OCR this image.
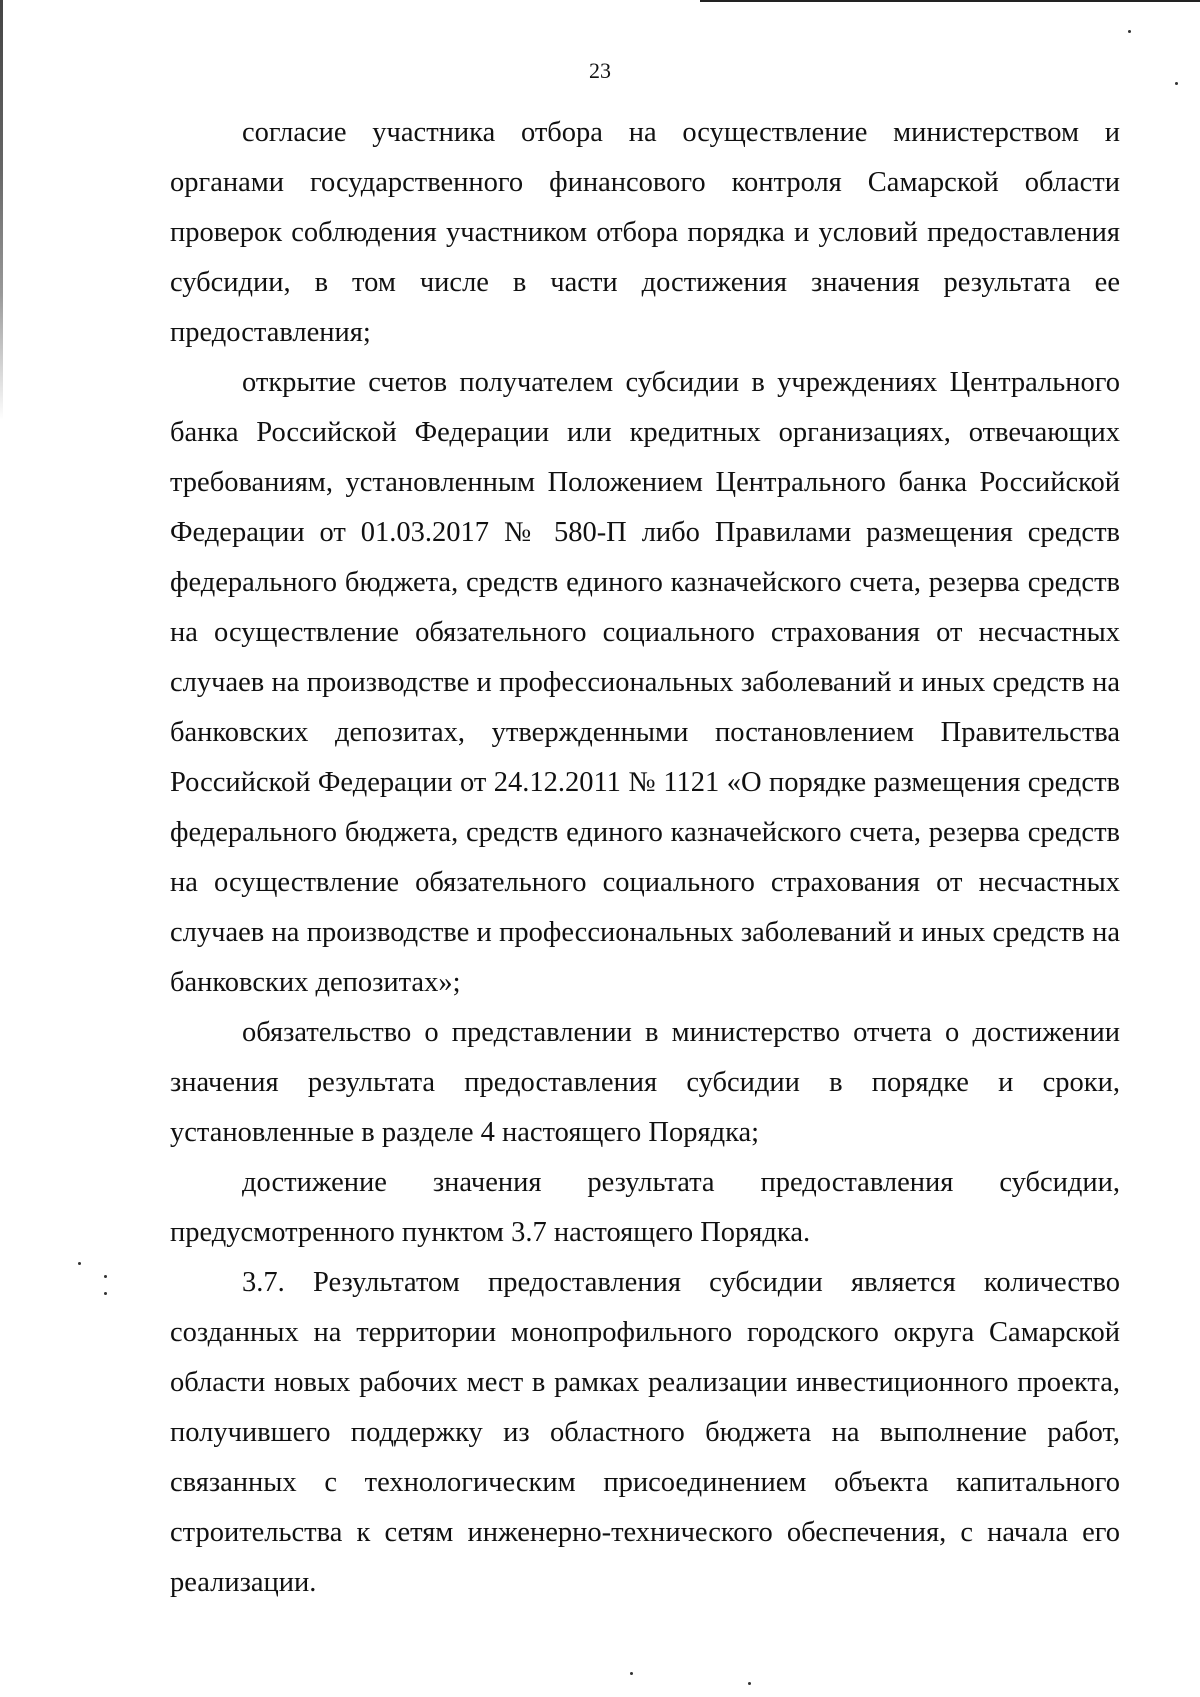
23

согласие участника отбора на осуществление министерством и органами государственного финансового контроля Самарской области проверок соблюдения участником отбора порядка и условий предоставления субсидии, в том числе в части достижения значения результата ее предоставления;

открытие счетов получателем субсидии в учреждениях Центрального банка Российской Федерации или кредитных организациях, отвечающих требованиям, установленным Положением Центрального банка Российской Федерации от 01.03.2017 № 580-П либо Правилами размещения средств федерального бюджета, средств единого казначейского счета, резерва средств на осуществление обязательного социального страхования от несчастных случаев на производстве и профессиональных заболеваний и иных средств на банковских депозитах, утвержденными постановлением Правительства Российской Федерации от 24.12.2011 № 1121 «О порядке размещения средств федерального бюджета, средств единого казначейского счета, резерва средств на осуществление обязательного социального страхования от несчастных случаев на производстве и профессиональных заболеваний и иных средств на банковских депозитах»;

обязательство о представлении в министерство отчета о достижении значения результата предоставления субсидии в порядке и сроки, установленные в разделе 4 настоящего Порядка;

достижение значения результата предоставления субсидии, предусмотренного пунктом 3.7 настоящего Порядка.

3.7. Результатом предоставления субсидии является количество созданных на территории монопрофильного городского округа Самарской области новых рабочих мест в рамках реализации инвестиционного проекта, получившего поддержку из областного бюджета на выполнение работ, связанных с технологическим присоединением объекта капитального строительства к сетям инженерно-технического обеспечения, с начала его реализации.
